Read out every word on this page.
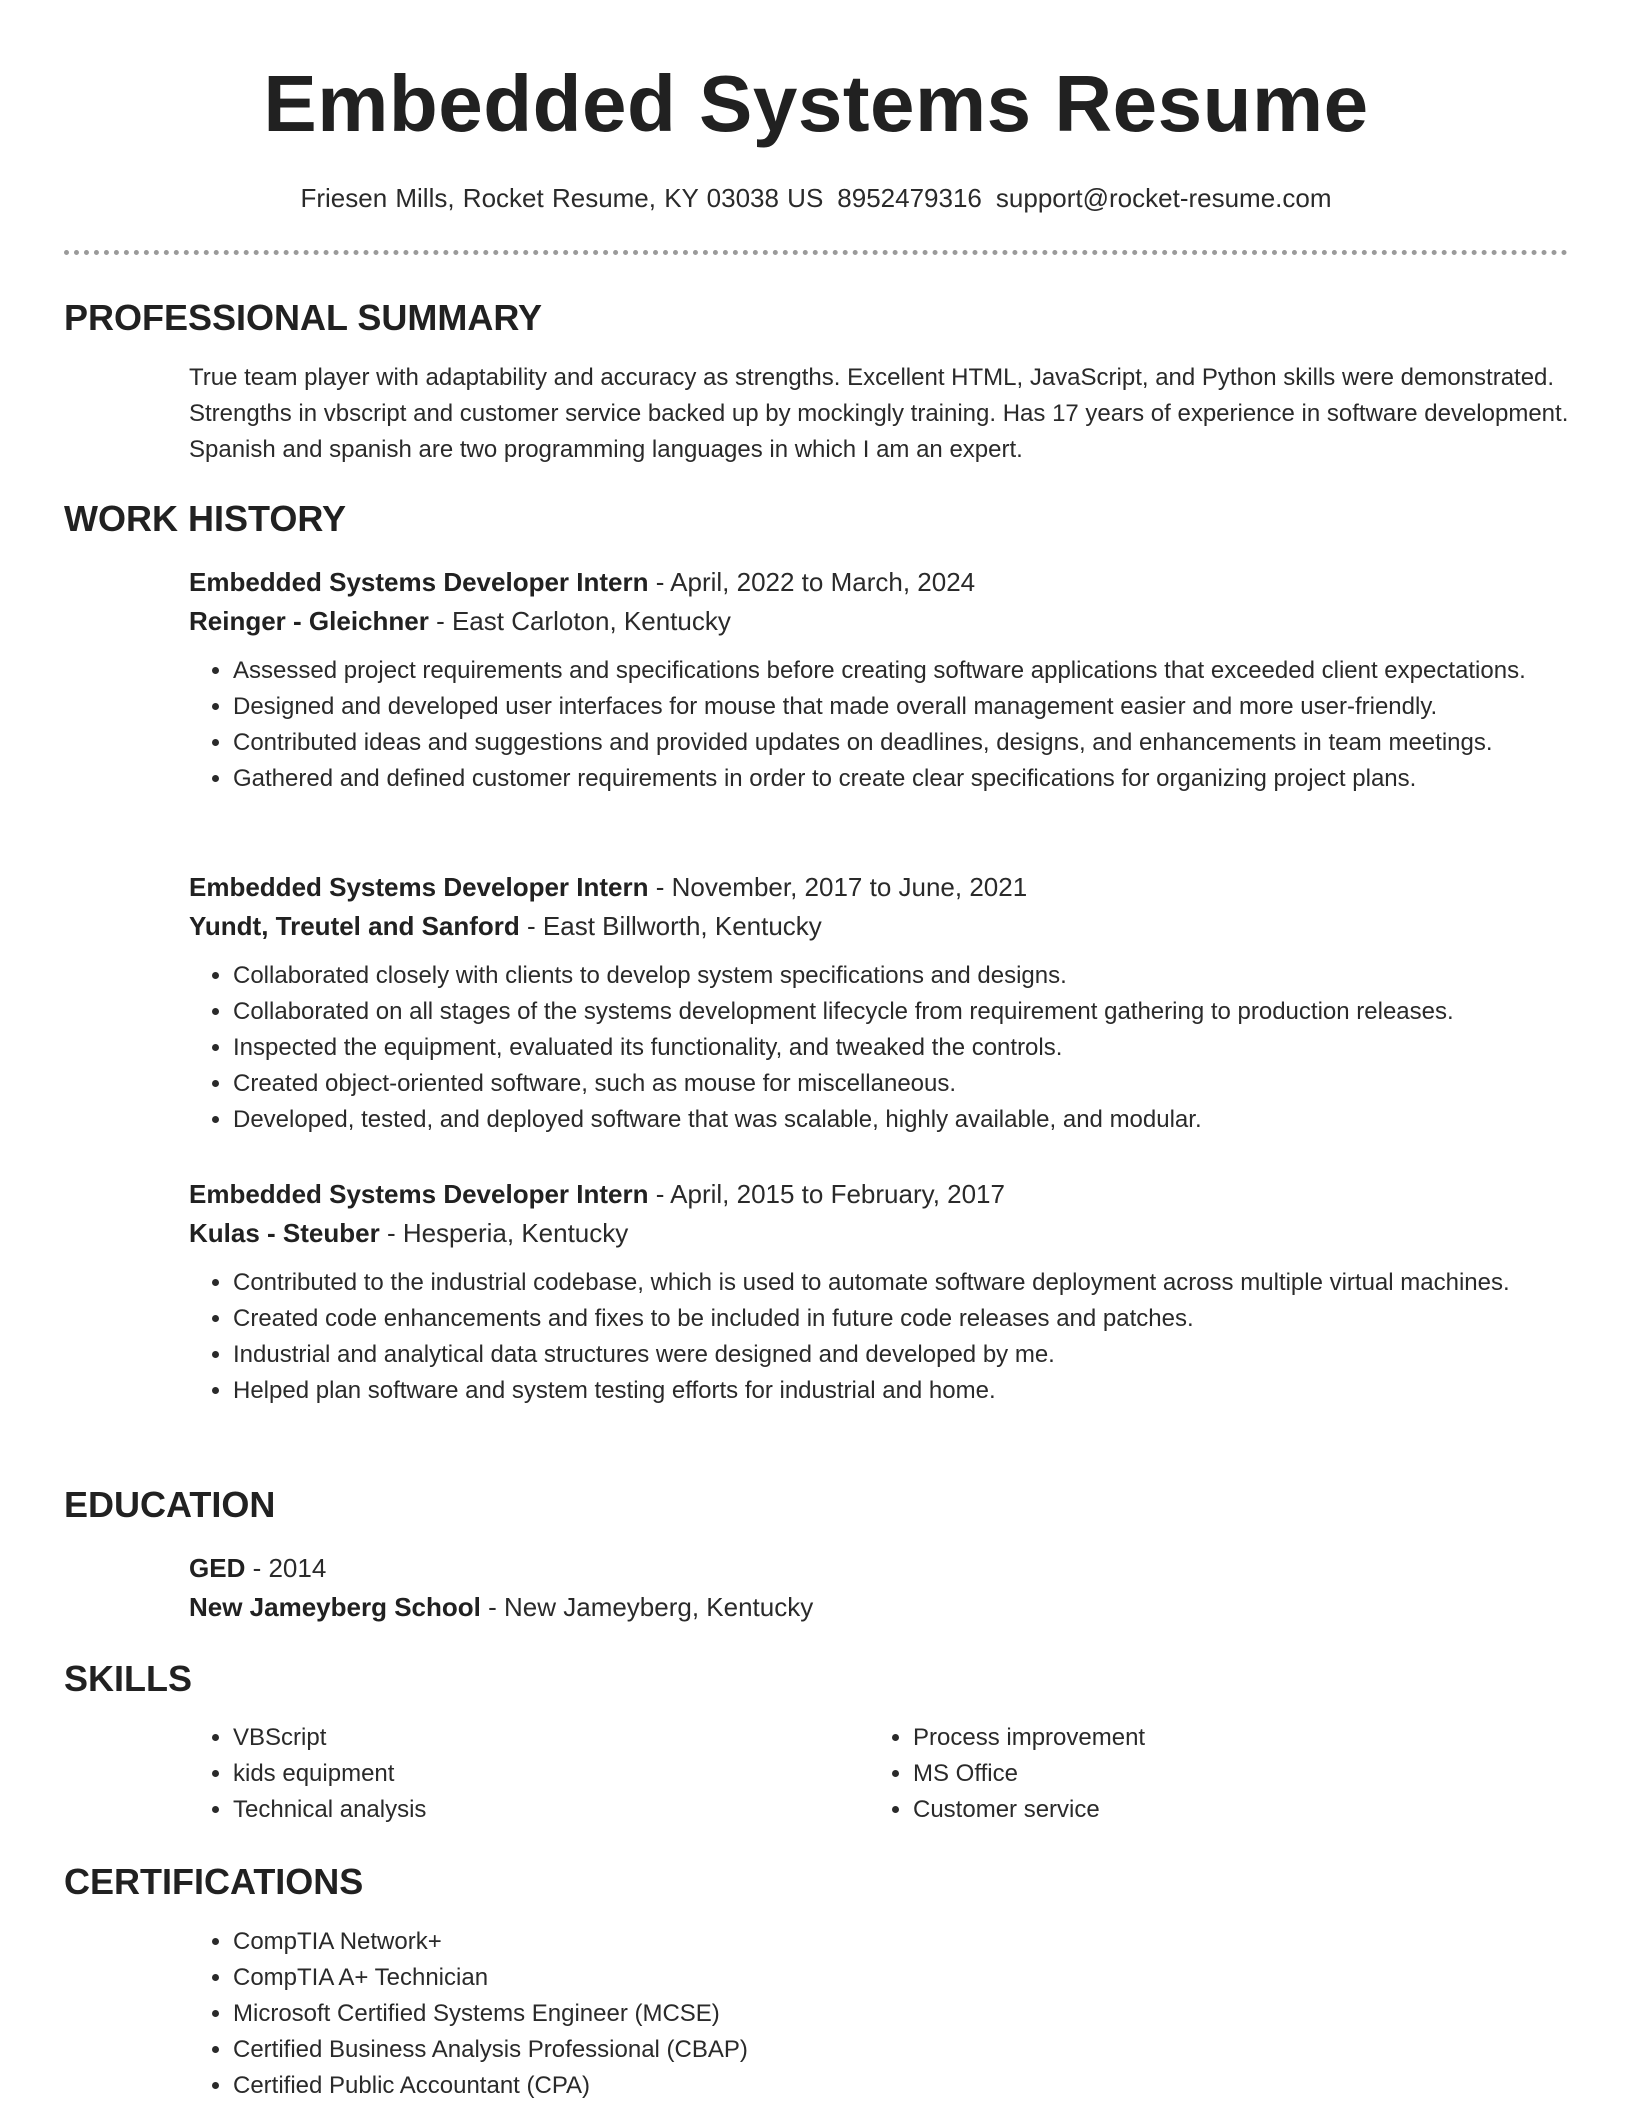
Embedded Systems Resume
Friesen Mills, Rocket Resume, KY 03038 US 8952479316 support@rocket-resume.com
PROFESSIONAL SUMMARY

True team player with adaptability and accuracy as strengths. Excellent HTML, JavaScript, and Python skills were demonstrated. Strengths in vbscript and customer service backed up by mockingly training. Has 17 years of experience in software development. Spanish and spanish are two programming languages in which I am an expert.

WORK HISTORY

Embedded Systems Developer Intern - April, 2022 to March, 2024

Reinger - Gleichner - East Carloton, Kentucky

• Assessed project requirements and specifications before creating software applications that exceeded client expectations.
• Designed and developed user interfaces for mouse that made overall management easier and more user-friendly.
• Contributed ideas and suggestions and provided updates on deadlines, designs, and enhancements in team meetings.
• Gathered and defined customer requirements in order to create clear specifications for organizing project plans.

Embedded Systems Developer Intern - November, 2017 to June, 2021

Yundt, Treutel and Sanford - East Billworth, Kentucky

• Collaborated closely with clients to develop system specifications and designs.
• Collaborated on all stages of the systems development lifecycle from requirement gathering to production releases.
• Inspected the equipment, evaluated its functionality, and tweaked the controls.
• Created object-oriented software, such as mouse for miscellaneous.
• Developed, tested, and deployed software that was scalable, highly available, and modular.

Embedded Systems Developer Intern - April, 2015 to February, 2017

Kulas - Steuber - Hesperia, Kentucky

• Contributed to the industrial codebase, which is used to automate software deployment across multiple virtual machines.
• Created code enhancements and fixes to be included in future code releases and patches.
• Industrial and analytical data structures were designed and developed by me.
• Helped plan software and system testing efforts for industrial and home.
EDUCATION

GED - 2014

New Jameyberg School - New Jameyberg, Kentucky

SKILLS
• VBScript
• kids equipment
• Technical analysis
• Process improvement
• MS Office
• Customer service
CERTIFICATIONS
• CompTIA Network+
• CompTIA A+ Technician
• Microsoft Certified Systems Engineer (MCSE)
• Certified Business Analysis Professional (CBAP)
• Certified Public Accountant (CPA)
